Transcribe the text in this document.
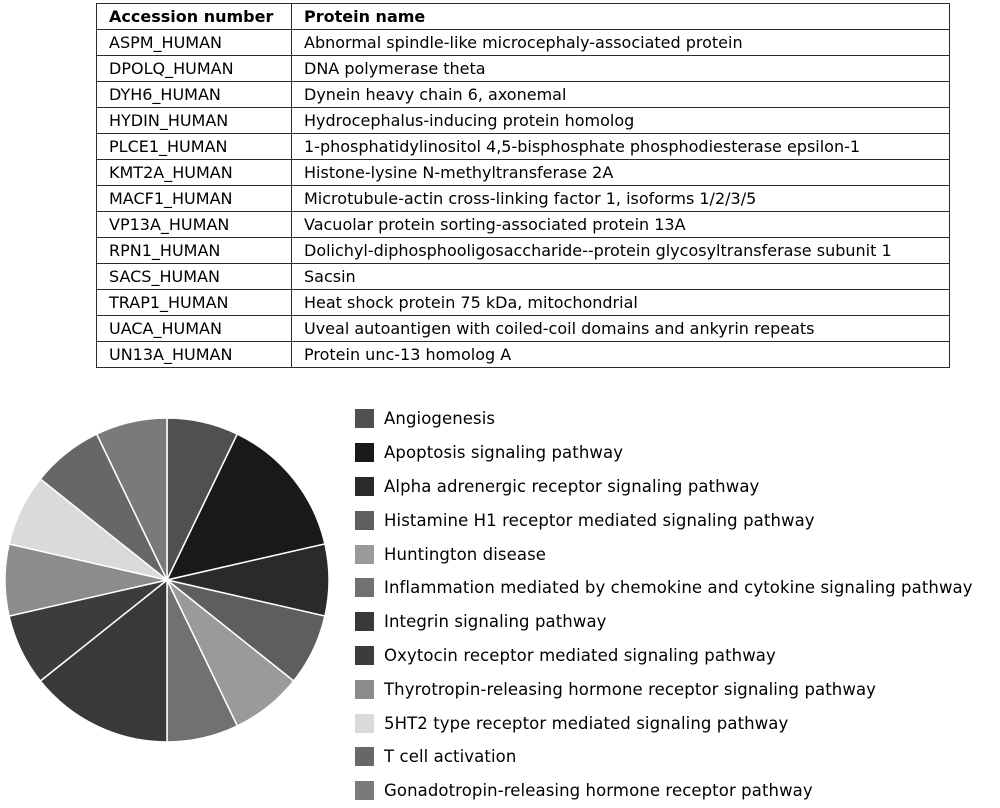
Accession number	Protein name
ASPM_HUMAN	Abnormal spindle-like microcephaly-associated protein
DPOLQ_HUMAN	DNA polymerase theta
DYH6_HUMAN	Dynein heavy chain 6, axonemal
HYDIN_HUMAN	Hydrocephalus-inducing protein homolog
PLCE1_HUMAN	1-phosphatidylinositol 4,5-bisphosphate phosphodiesterase epsilon-1
KMT2A_HUMAN	Histone-lysine N-methyltransferase 2A
MACF1_HUMAN	Microtubule-actin cross-linking factor 1, isoforms 1/2/3/5
VP13A_HUMAN	Vacuolar protein sorting-associated protein 13A
RPN1_HUMAN	Dolichyl-diphosphooligosaccharide--protein glycosyltransferase subunit 1
SACS_HUMAN	Sacsin
TRAP1_HUMAN	Heat shock protein 75 kDa, mitochondrial
UACA_HUMAN	Uveal autoantigen with coiled-coil domains and ankyrin repeats
UN13A_HUMAN	Protein unc-13 homolog A
Angiogenesis
Apoptosis signaling pathway
Alpha adrenergic receptor signaling pathway
Histamine H1 receptor mediated signaling pathway
Huntington disease
Inflammation mediated by chemokine and cytokine signaling pathway
Integrin signaling pathway
Oxytocin receptor mediated signaling pathway
Thyrotropin-releasing hormone receptor signaling pathway
5HT2 type receptor mediated signaling pathway
T cell activation
Gonadotropin-releasing hormone receptor pathway
